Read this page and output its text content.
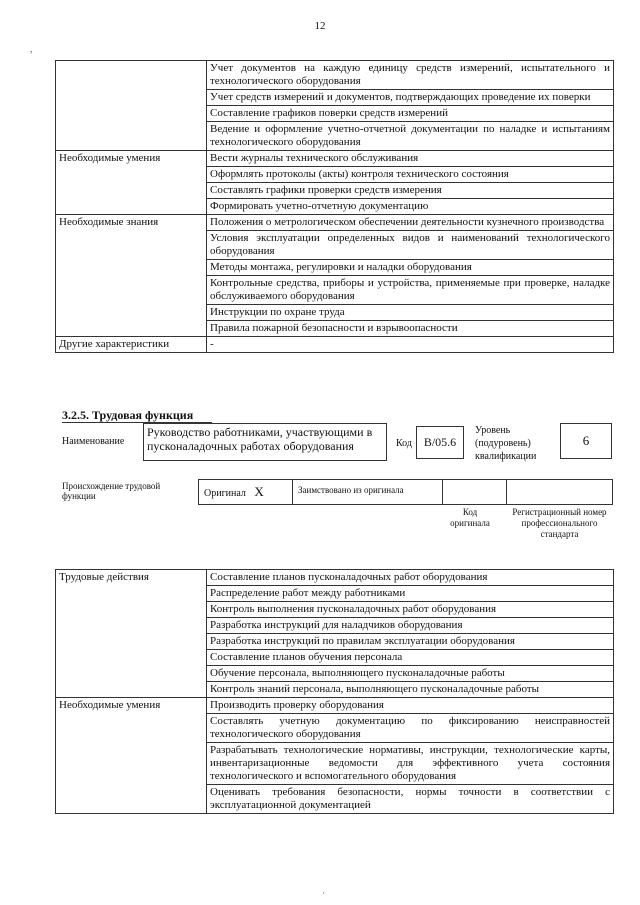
12
	Учет документов на каждую единицу средств измерений, испытательного и технологического оборудования
	Учет средств измерений и документов, подтверждающих проведение их поверки
	Составление графиков поверки средств измерений
	Ведение и оформление учетно-отчетной документации по наладке и испытаниям технологического оборудования
Необходимые умения	Вести журналы технического обслуживания
	Оформлять протоколы (акты) контроля технического состояния
	Составлять графики проверки средств измерения
	Формировать учетно-отчетную документацию
Необходимые знания	Положения о метрологическом обеспечении деятельности кузнечного производства
	Условия эксплуатации определенных видов и наименований технологического оборудования
	Методы монтажа, регулировки и наладки оборудования
	Контрольные средства, приборы и устройства, применяемые при проверке, наладке обслуживаемого оборудования
	Инструкции по охране труда
	Правила пожарной безопасности и взрывоопасности
Другие характеристики	-
3.2.5. Трудовая функция
Наименование
Руководство работниками, участвующими в пусконаладочных работах оборудования	Код B/05.6
Уровень (подуровень) квалификации
6
Происхождение трудовой функции	Оригинал X	Заимствовано из оригинала
Код оригинала
Регистрационный номер профессионального стандарта
Трудовые действия	Составление планов пусконаладочных работ оборудования
	Распределение работ между работниками
	Контроль выполнения пусконаладочных работ оборудования
	Разработка инструкций для наладчиков оборудования
	Разработка инструкций по правилам эксплуатации оборудования
	Составление планов обучения персонала
	Обучение персонала, выполняющего пусконаладочные работы
	Контроль знаний персонала, выполняющего пусконаладочные работы
Необходимые умения	Производить проверку оборудования
	Составлять учетную документацию по фиксированию неисправностей технологического оборудования
	Разрабатывать технологические нормативы, инструкции, технологические карты, инвентаризационные ведомости для эффективного учета состояния технологического и вспомогательного оборудования
	Оценивать требования безопасности, нормы точности в соответствии с эксплуатационной документацией
,
·
